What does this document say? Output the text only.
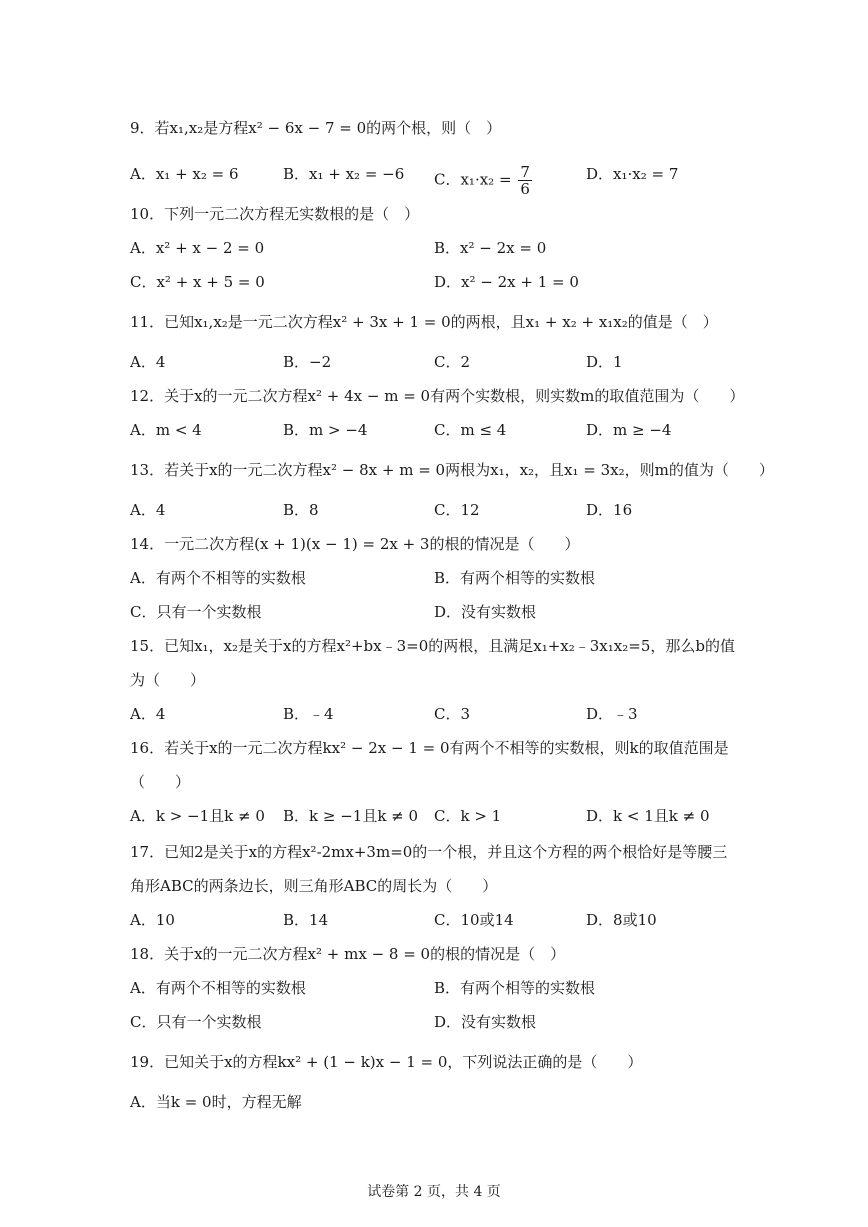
9．若x₁,x₂是方程x² − 6x − 7 = 0的两个根，则（　）
A．x₁ + x₂ = 6	B．x₁ + x₂ = −6 C．$x_1\cdot x_2 = \frac{7}{6}$	D．x₁·x₂ = 7
10．下列一元二次方程无实数根的是（　）
A．x² + x − 2 = 0	B．x² − 2x = 0
C．x² + x + 5 = 0	D．x² − 2x + 1 = 0
11．已知x₁,x₂是一元二次方程x² + 3x + 1 = 0的两根，且x₁ + x₂ + x₁x₂的值是（　）
A．4	B．−2	C．2	D．1
12．关于x的一元二次方程x² + 4x − m = 0有两个实数根，则实数m的取值范围为（　　）
A．m < 4	B．m > −4	C．m ≤ 4	D．m ≥ −4
13．若关于x的一元二次方程x² − 8x + m = 0两根为x₁，x₂，且x₁ = 3x₂，则m的值为（　　）
A．4	B．8	C．12	D．16
14．一元二次方程(x + 1)(x − 1) = 2x + 3的根的情况是（　　）
A．有两个不相等的实数根	B．有两个相等的实数根
C．只有一个实数根	D．没有实数根
15．已知x₁，x₂是关于x的方程x²+bx﹣3=0的两根，且满足x₁+x₂﹣3x₁x₂=5，那么b的值
为（　　）
A．4	B．﹣4	C．3	D．﹣3
16．若关于x的一元二次方程kx² − 2x − 1 = 0有两个不相等的实数根，则k的取值范围是
（　　）
A．k > −1且k ≠ 0 B．k ≥ −1且k ≠ 0 C．k > 1	D．k < 1且k ≠ 0
17．已知2是关于x的方程x²-2mx+3m=0的一个根，并且这个方程的两个根恰好是等腰三
角形ABC的两条边长，则三角形ABC的周长为（　　）
A．10	B．14	C．10或14	D．8或10
18．关于x的一元二次方程x² + mx − 8 = 0的根的情况是（　）
A．有两个不相等的实数根	B．有两个相等的实数根
C．只有一个实数根	D．没有实数根
19．已知关于x的方程kx² + (1 − k)x − 1 = 0，下列说法正确的是（　　）
A．当k = 0时，方程无解
试卷第 2 页，共 4 页
